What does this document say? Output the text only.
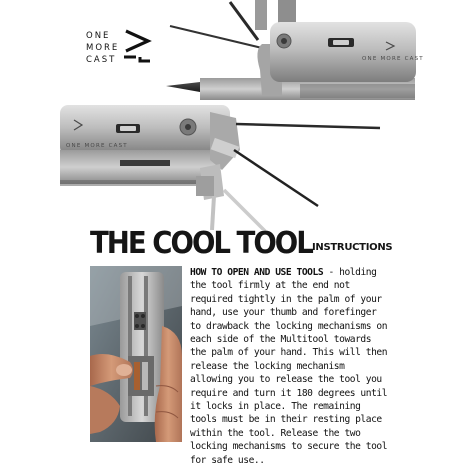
ONE
MORE
CAST	ONE MORE CAST
ONE MORE CAST
THE COOL TOOL INSTRUCTIONS
HOW TO OPEN AND USE TOOLS - holding the tool firmly at the end not required tightly in the palm of your hand, use your thumb and forefinger to drawback the locking mechanisms on each side of the Multitool towards the palm of your hand. This will then release the locking mechanism allowing you to release the tool you require and turn it 180 degrees until it locks in place. The remaining tools must be in their resting place within the tool. Release the two locking mechanisms to secure the tool for safe use..
